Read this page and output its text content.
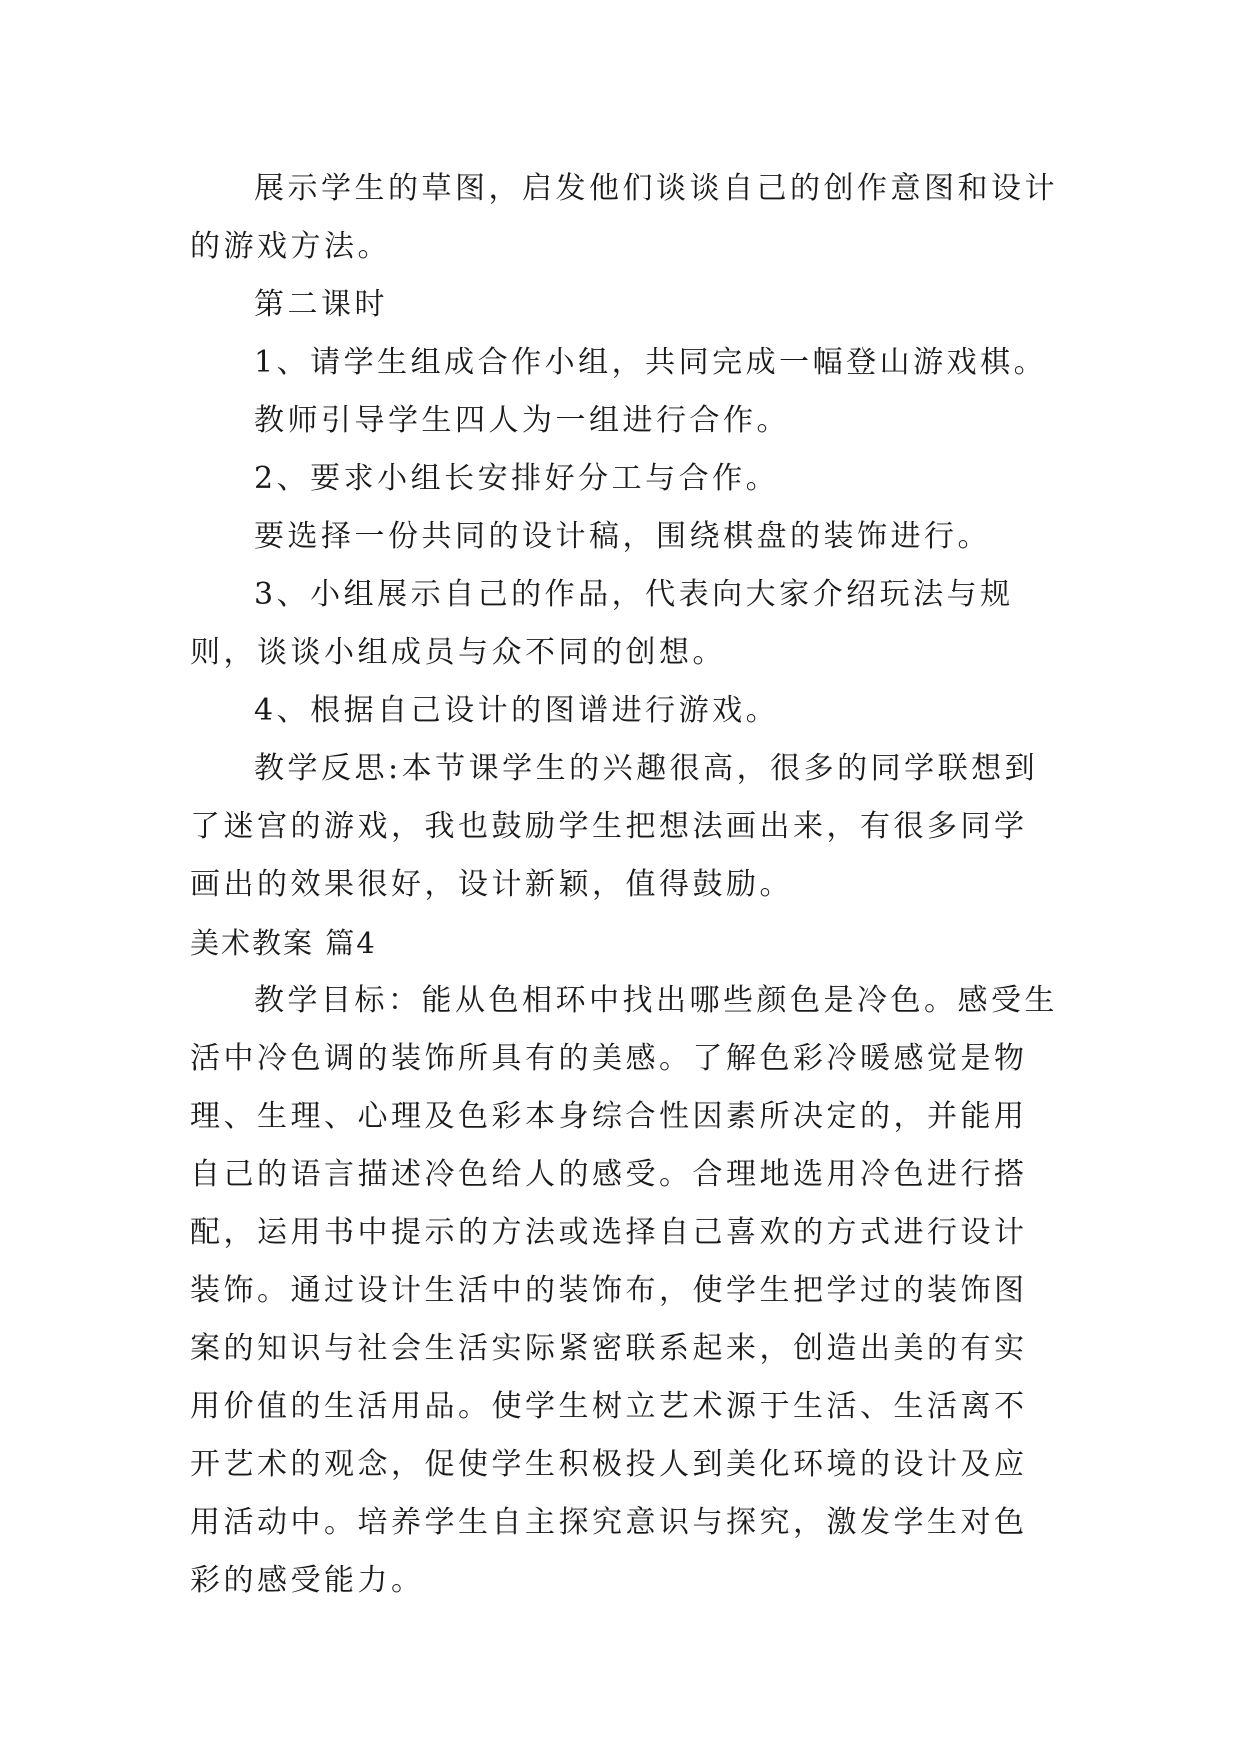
展示学生的草图，启发他们谈谈自己的创作意图和设计的游戏方法。

第二课时

1、请学生组成合作小组，共同完成一幅登山游戏棋。

教师引导学生四人为一组进行合作。

2、要求小组长安排好分工与合作。

要选择一份共同的设计稿，围绕棋盘的装饰进行。

3、小组展示自己的作品，代表向大家介绍玩法与规则，谈谈小组成员与众不同的创想。

4、根据自己设计的图谱进行游戏。

教学反思:本节课学生的兴趣很高，很多的同学联想到了迷宫的游戏，我也鼓励学生把想法画出来，有很多同学画出的效果很好，设计新颖，值得鼓励。

美术教案 篇4

教学目标：能从色相环中找出哪些颜色是冷色。感受生活中冷色调的装饰所具有的美感。了解色彩冷暖感觉是物理、生理、心理及色彩本身综合性因素所决定的，并能用自己的语言描述冷色给人的感受。合理地选用冷色进行搭配，运用书中提示的方法或选择自己喜欢的方式进行设计装饰。通过设计生活中的装饰布，使学生把学过的装饰图案的知识与社会生活实际紧密联系起来，创造出美的有实用价值的生活用品。使学生树立艺术源于生活、生活离不开艺术的观念，促使学生积极投人到美化环境的设计及应用活动中。培养学生自主探究意识与探究，激发学生对色彩的感受能力。
